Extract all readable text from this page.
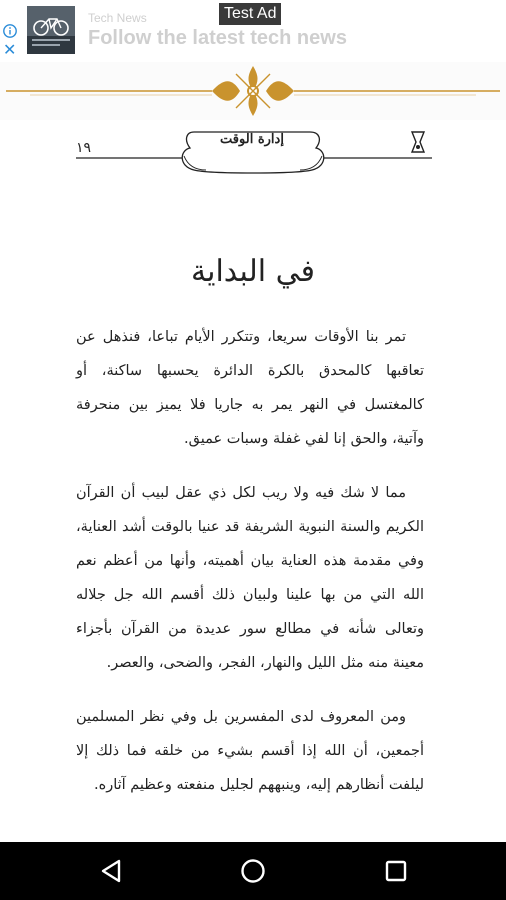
✕
Tech News
Follow the latest tech news
Test Ad
١٩
إدارة الوقت
في البداية
تمر بنا الأوقات سريعا، وتتكرر الأيام تباعا، فنذهل عن تعاقبها كالمحدق بالكرة الدائرة يحسبها ساكنة، أو كالمغتسل في النهر يمر به جاريا فلا يميز بين منحرفة وآتية، والحق إنا لفي غفلة وسبات عميق.
مما لا شك فيه ولا ريب لكل ذي عقل لبيب أن القرآن الكريم والسنة النبوية الشريفة قد عنيا بالوقت أشد العناية، وفي مقدمة هذه العناية بيان أهميته، وأنها من أعظم نعم الله التي من بها علينا ولبيان ذلك أقسم الله جل جلاله وتعالى شأنه في مطالع سور عديدة من القرآن بأجزاء معينة منه مثل الليل والنهار، الفجر، والضحى، والعصر.
ومن المعروف لدى المفسرين بل وفي نظر المسلمين أجمعين، أن الله إذا أقسم بشيء من خلقه فما ذلك إلا ليلفت أنظارهم إليه، وينبههم لجليل منفعته وعظيم آثاره.
